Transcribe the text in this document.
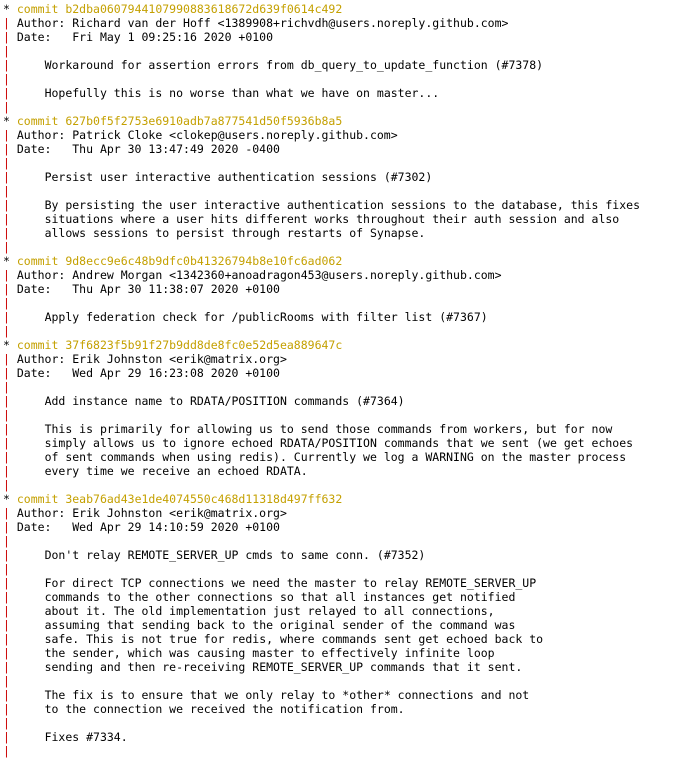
* commit b2dba0607944107990883618672d639f0614c492
| Author: Richard van der Hoff <1389908+richvdh@users.noreply.github.com>
| Date:   Fri May 1 09:25:16 2020 +0100
|
|	Workaround for assertion errors from db_query_to_update_function (#7378)
|
|	Hopefully this is no worse than what we have on master...
|
* commit 627b0f5f2753e6910adb7a877541d50f5936b8a5
| Author: Patrick Cloke <clokep@users.noreply.github.com>
| Date:   Thu Apr 30 13:47:49 2020 -0400
|
|	Persist user interactive authentication sessions (#7302)
|
|	By persisting the user interactive authentication sessions to the database, this fixes
|	situations where a user hits different works throughout their auth session and also
|	allows sessions to persist through restarts of Synapse.
|
* commit 9d8ecc9e6c48b9dfc0b41326794b8e10fc6ad062
| Author: Andrew Morgan <1342360+anoadragon453@users.noreply.github.com>
| Date:   Thu Apr 30 11:38:07 2020 +0100
|
|	Apply federation check for /publicRooms with filter list (#7367)
|
* commit 37f6823f5b91f27b9dd8de8fc0e52d5ea889647c
| Author: Erik Johnston <erik@matrix.org>
| Date:   Wed Apr 29 16:23:08 2020 +0100
|
|	Add instance name to RDATA/POSITION commands (#7364)
|
|	This is primarily for allowing us to send those commands from workers, but for now
|	simply allows us to ignore echoed RDATA/POSITION commands that we sent (we get echoes
|	of sent commands when using redis). Currently we log a WARNING on the master process
|	every time we receive an echoed RDATA.
|
* commit 3eab76ad43e1de4074550c468d11318d497ff632
| Author: Erik Johnston <erik@matrix.org>
| Date:   Wed Apr 29 14:10:59 2020 +0100
|
|	Don't relay REMOTE_SERVER_UP cmds to same conn. (#7352)
|
|	For direct TCP connections we need the master to relay REMOTE_SERVER_UP
|	commands to the other connections so that all instances get notified
|	about it. The old implementation just relayed to all connections,
|	assuming that sending back to the original sender of the command was
|	safe. This is not true for redis, where commands sent get echoed back to
|	the sender, which was causing master to effectively infinite loop
|	sending and then re-receiving REMOTE_SERVER_UP commands that it sent.
|
|	The fix is to ensure that we only relay to *other* connections and not
|	to the connection we received the notification from.
|
|	Fixes #7334.
|
